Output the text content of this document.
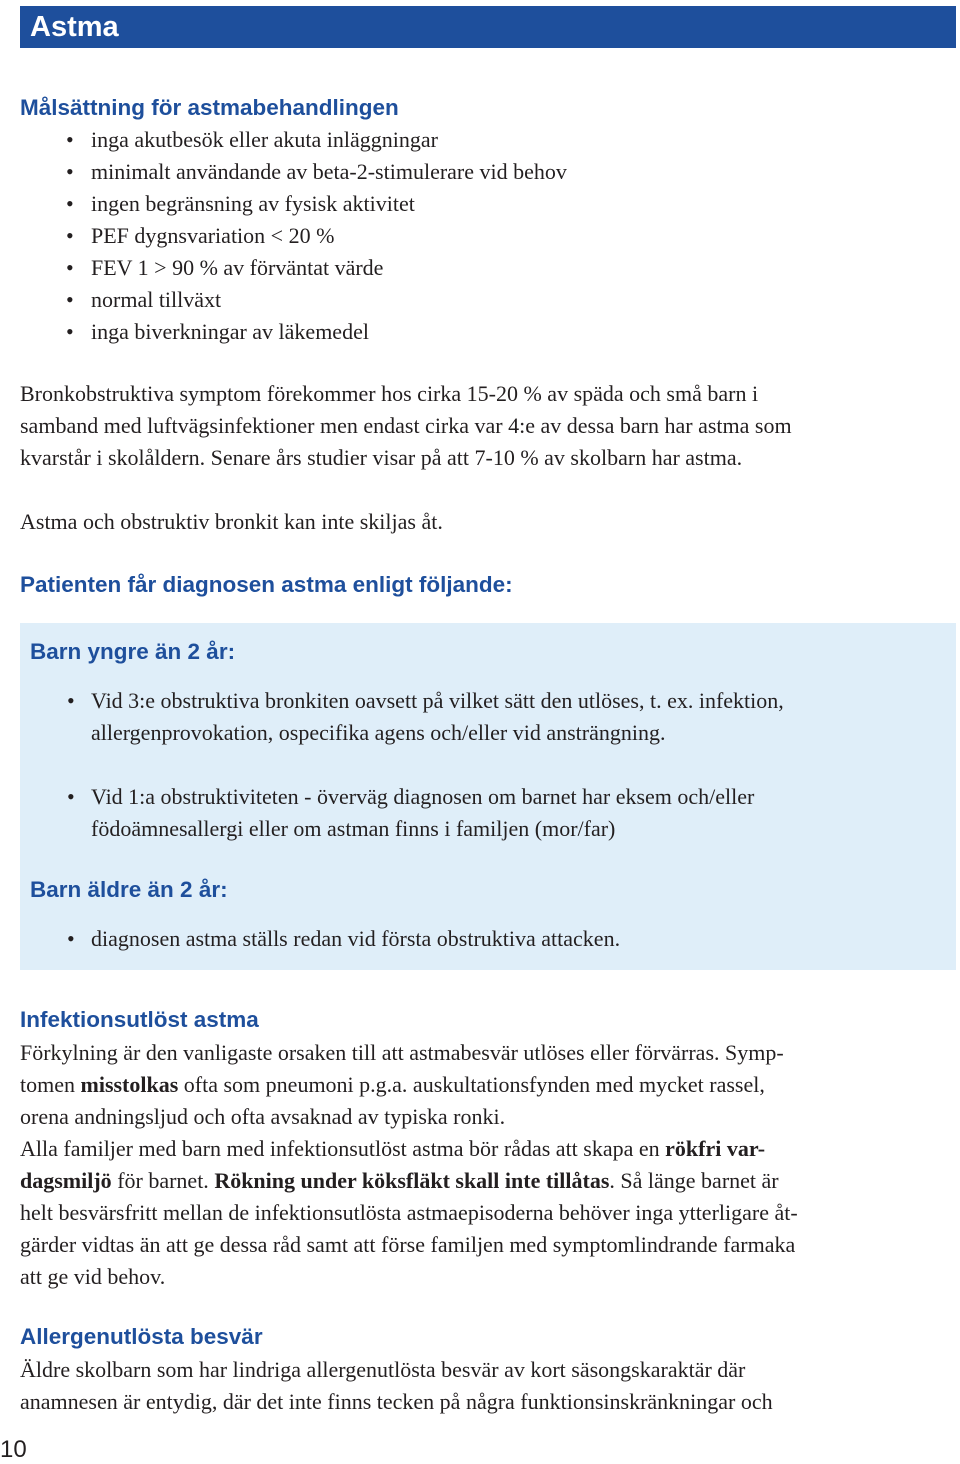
Astma
Målsättning för astmabehandlingen
• inga akutbesök eller akuta inläggningar
• minimalt användande av beta-2-stimulerare vid behov
• ingen begränsning av fysisk aktivitet
• PEF dygnsvariation < 20 %
• FEV 1 > 90 % av förväntat värde
• normal tillväxt
• inga biverkningar av läkemedel

Bronkobstruktiva symptom förekommer hos cirka 15-20 % av späda och små barn i
samband med luftvägsinfektioner men endast cirka var 4:e av dessa barn har astma som
kvarstår i skolåldern. Senare års studier visar på att 7-10 % av skolbarn har astma.

Astma och obstruktiv bronkit kan inte skiljas åt.

Patienten får diagnosen astma enligt följande:
Barn yngre än 2 år:

• Vid 3:e obstruktiva bronkiten oavsett på vilket sätt den utlöses, t. ex. infektion,
allergenprovokation, ospecifika agens och/eller vid ansträngning.

• Vid 1:a obstruktiviteten - överväg diagnosen om barnet har eksem och/eller
födoämnesallergi eller om astman finns i familjen (mor/far)

Barn äldre än 2 år:

• diagnosen astma ställs redan vid första obstruktiva attacken.

Infektionsutlöst astma

Förkylning är den vanligaste orsaken till att astmabesvär utlöses eller förvärras. Symp-
tomen misstolkas ofta som pneumoni p.g.a. auskultationsfynden med mycket rassel,
orena andningsljud och ofta avsaknad av typiska ronki.
Alla familjer med barn med infektionsutlöst astma bör rådas att skapa en rökfri var-
dagsmiljö för barnet. Rökning under köksfläkt skall inte tillåtas. Så länge barnet är
helt besvärsfritt mellan de infektionsutlösta astmaepisoderna behöver inga ytterligare åt-
gärder vidtas än att ge dessa råd samt att förse familjen med symptomlindrande farmaka
att ge vid behov.

Allergenutlösta besvär

Äldre skolbarn som har lindriga allergenutlösta besvär av kort säsongskaraktär där
anamnesen är entydig, där det inte finns tecken på några funktionsinskränkningar och

10
